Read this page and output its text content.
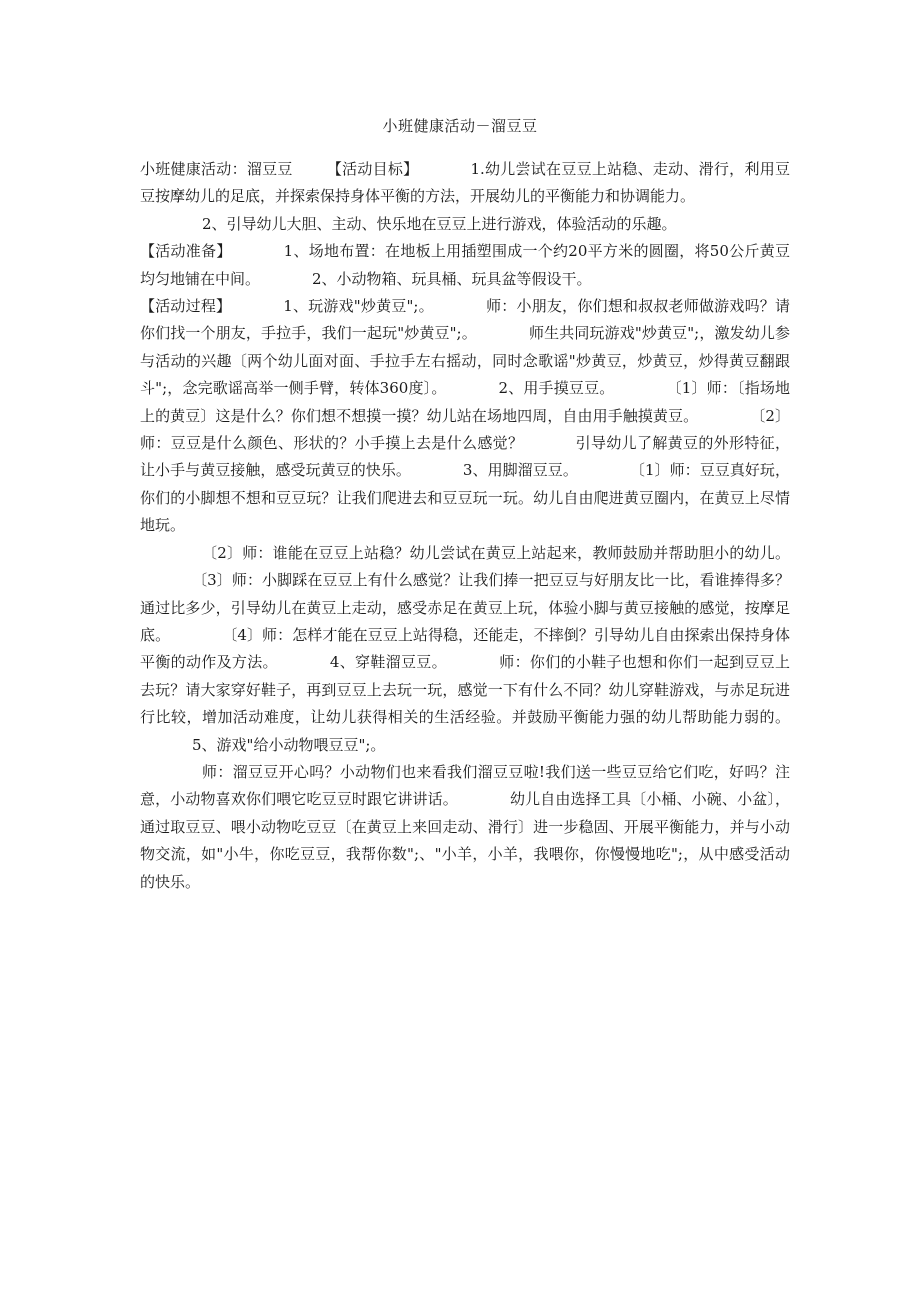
小班健康活动－溜豆豆

小班健康活动：溜豆豆 【活动目标】	1.幼儿尝试在豆豆上站稳、走动、滑行，利用豆豆按摩幼儿的足底，并探索保持身体平衡的方法，开展幼儿的平衡能力和协调能力。

2、引导幼儿大胆、主动、快乐地在豆豆上进行游戏，体验活动的乐趣。

【活动准备】	1、场地布置：在地板上用插塑围成一个约20平方米的圆圈，将50公斤黄豆均匀地铺在中间。	2、小动物箱、玩具桶、玩具盆等假设干。

【活动过程】	1、玩游戏"炒黄豆";。	师：小朋友，你们想和叔叔老师做游戏吗？请你们找一个朋友，手拉手，我们一起玩"炒黄豆";。	师生共同玩游戏"炒黄豆";，激发幼儿参与活动的兴趣〔两个幼儿面对面、手拉手左右摇动，同时念歌谣"炒黄豆，炒黄豆，炒得黄豆翻跟斗";，念完歌谣高举一侧手臂，转体360度〕。	2、用手摸豆豆。	〔1〕师：〔指场地上的黄豆〕这是什么？你们想不想摸一摸？幼儿站在场地四周，自由用手触摸黄豆。	〔2〕师：豆豆是什么颜色、形状的？小手摸上去是什么感觉？	引导幼儿了解黄豆的外形特征，让小手与黄豆接触，感受玩黄豆的快乐。	3、用脚溜豆豆。	〔1〕师：豆豆真好玩，你们的小脚想不想和豆豆玩？让我们爬进去和豆豆玩一玩。幼儿自由爬进黄豆圈内，在黄豆上尽情地玩。

〔2〕师：谁能在豆豆上站稳？幼儿尝试在黄豆上站起来，教师鼓励并帮助胆小的幼儿。〔3〕师：小脚踩在豆豆上有什么感觉？让我们捧一把豆豆与好朋友比一比，看谁捧得多？通过比多少，引导幼儿在黄豆上走动，感受赤足在黄豆上玩，体验小脚与黄豆接触的感觉，按摩足底。	〔4〕师：怎样才能在豆豆上站得稳，还能走，不摔倒？引导幼儿自由探索出保持身体平衡的动作及方法。	4、穿鞋溜豆豆。	师：你们的小鞋子也想和你们一起到豆豆上去玩？请大家穿好鞋子，再到豆豆上去玩一玩，感觉一下有什么不同？幼儿穿鞋游戏，与赤足玩进行比较，增加活动难度，让幼儿获得相关的生活经验。并鼓励平衡能力强的幼儿帮助能力弱的。5、游戏"给小动物喂豆豆";。

师：溜豆豆开心吗？小动物们也来看我们溜豆豆啦!我们送一些豆豆给它们吃，好吗？注意，小动物喜欢你们喂它吃豆豆时跟它讲讲话。	幼儿自由选择工具〔小桶、小碗、小盆〕，通过取豆豆、喂小动物吃豆豆〔在黄豆上来回走动、滑行〕进一步稳固、开展平衡能力，并与小动物交流，如"小牛，你吃豆豆，我帮你数";、"小羊，小羊，我喂你，你慢慢地吃";，从中感受活动的快乐。
